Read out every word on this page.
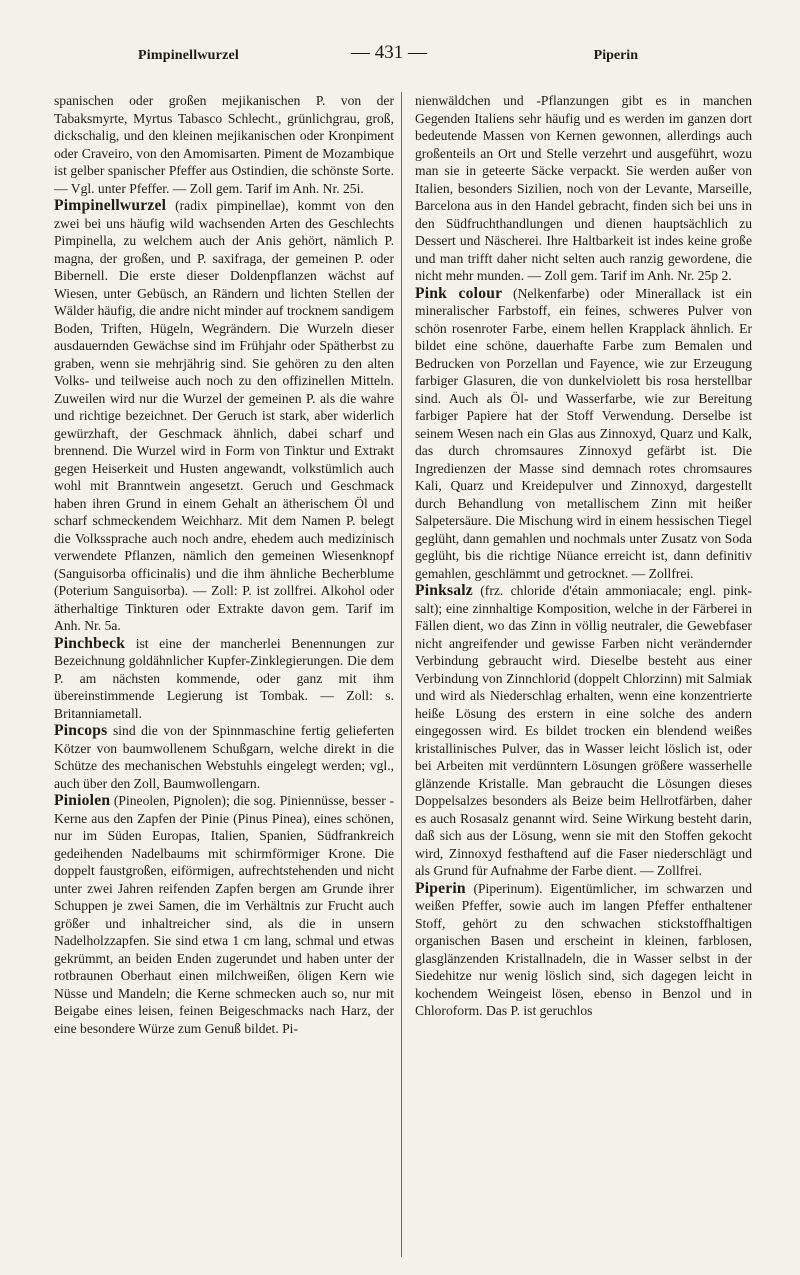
Pimpinellwurzel	— 431 —	Piperin

spanischen oder großen mejikanischen P. von der Tabaksmyrte, Myrtus Tabasco Schlecht., grünlichgrau, groß, dickschalig, und den kleinen mejikanischen oder Kronpiment oder Craveiro, von den Amomisarten. Piment de Mozambique ist gelber spanischer Pfeffer aus Ostindien, die schönste Sorte. — Vgl. unter Pfeffer. — Zoll gem. Tarif im Anh. Nr. 25i.

Pimpinellwurzel (radix pimpinellae), kommt von den zwei bei uns häufig wild wachsenden Arten des Geschlechts Pimpinella, zu welchem auch der Anis gehört, nämlich P. magna, der großen, und P. saxifraga, der gemeinen P. oder Bibernell. Die erste dieser Doldenpflanzen wächst auf Wiesen, unter Gebüsch, an Rändern und lichten Stellen der Wälder häufig, die andre nicht minder auf trocknem sandigem Boden, Triften, Hügeln, Wegrändern. Die Wurzeln dieser ausdauernden Gewächse sind im Frühjahr oder Spätherbst zu graben, wenn sie mehrjährig sind. Sie gehören zu den alten Volks- und teilweise auch noch zu den offizinellen Mitteln. Zuweilen wird nur die Wurzel der gemeinen P. als die wahre und richtige bezeichnet. Der Geruch ist stark, aber widerlich gewürzhaft, der Geschmack ähnlich, dabei scharf und brennend. Die Wurzel wird in Form von Tinktur und Extrakt gegen Heiserkeit und Husten angewandt, volkstümlich auch wohl mit Branntwein angesetzt. Geruch und Geschmack haben ihren Grund in einem Gehalt an ätherischem Öl und scharf schmeckendem Weichharz. Mit dem Namen P. belegt die Volkssprache auch noch andre, ehedem auch medizinisch verwendete Pflanzen, nämlich den gemeinen Wiesenknopf (Sanguisorba officinalis) und die ihm ähnliche Becherblume (Poterium Sanguisorba). — Zoll: P. ist zollfrei. Alkohol oder ätherhaltige Tinkturen oder Extrakte davon gem. Tarif im Anh. Nr. 5a.

Pinchbeck ist eine der mancherlei Benennungen zur Bezeichnung goldähnlicher Kupfer-Zinklegierungen. Die dem P. am nächsten kommende, oder ganz mit ihm übereinstimmende Legierung ist Tombak. — Zoll: s. Britanniametall.

Pincops sind die von der Spinnmaschine fertig gelieferten Kötzer von baumwollenem Schußgarn, welche direkt in die Schütze des mechanischen Webstuhls eingelegt werden; vgl., auch über den Zoll, Baumwollengarn.

Piniolen (Pineolen, Pignolen); die sog. Piniennüsse, besser -Kerne aus den Zapfen der Pinie (Pinus Pinea), eines schönen, nur im Süden Europas, Italien, Spanien, Südfrankreich gedeihenden Nadelbaums mit schirmförmiger Krone. Die doppelt faustgroßen, eiförmigen, aufrechtstehenden und nicht unter zwei Jahren reifenden Zapfen bergen am Grunde ihrer Schuppen je zwei Samen, die im Verhältnis zur Frucht auch größer und inhaltreicher sind, als die in unsern Nadelholzzapfen. Sie sind etwa 1 cm lang, schmal und etwas gekrümmt, an beiden Enden zugerundet und haben unter der rotbraunen Oberhaut einen milchweißen, öligen Kern wie Nüsse und Mandeln; die Kerne schmecken auch so, nur mit Beigabe eines leisen, feinen Beigeschmacks nach Harz, der eine besondere Würze zum Genuß bildet. Pi-

nienwäldchen und -Pflanzungen gibt es in manchen Gegenden Italiens sehr häufig und es werden im ganzen dort bedeutende Massen von Kernen gewonnen, allerdings auch großenteils an Ort und Stelle verzehrt und ausgeführt, wozu man sie in geteerte Säcke verpackt. Sie werden außer von Italien, besonders Sizilien, noch von der Levante, Marseille, Barcelona aus in den Handel gebracht, finden sich bei uns in den Südfruchthandlungen und dienen hauptsächlich zu Dessert und Näscherei. Ihre Haltbarkeit ist indes keine große und man trifft daher nicht selten auch ranzig gewordene, die nicht mehr munden. — Zoll gem. Tarif im Anh. Nr. 25p 2.

Pink colour (Nelkenfarbe) oder Minerallack ist ein mineralischer Farbstoff, ein feines, schweres Pulver von schön rosenroter Farbe, einem hellen Krapplack ähnlich. Er bildet eine schöne, dauerhafte Farbe zum Bemalen und Bedrucken von Porzellan und Fayence, wie zur Erzeugung farbiger Glasuren, die von dunkelviolett bis rosa herstellbar sind. Auch als Öl- und Wasserfarbe, wie zur Bereitung farbiger Papiere hat der Stoff Verwendung. Derselbe ist seinem Wesen nach ein Glas aus Zinnoxyd, Quarz und Kalk, das durch chromsaures Zinnoxyd gefärbt ist. Die Ingredienzen der Masse sind demnach rotes chromsaures Kali, Quarz und Kreidepulver und Zinnoxyd, dargestellt durch Behandlung von metallischem Zinn mit heißer Salpetersäure. Die Mischung wird in einem hessischen Tiegel geglüht, dann gemahlen und nochmals unter Zusatz von Soda geglüht, bis die richtige Nüance erreicht ist, dann definitiv gemahlen, geschlämmt und getrocknet. — Zollfrei.

Pinksalz (frz. chloride d'étain ammoniacale; engl. pink-salt); eine zinnhaltige Komposition, welche in der Färberei in Fällen dient, wo das Zinn in völlig neutraler, die Gewebfaser nicht angreifender und gewisse Farben nicht verändernder Verbindung gebraucht wird. Dieselbe besteht aus einer Verbindung von Zinnchlorid (doppelt Chlorzinn) mit Salmiak und wird als Niederschlag erhalten, wenn eine konzentrierte heiße Lösung des erstern in eine solche des andern eingegossen wird. Es bildet trocken ein blendend weißes kristallinisches Pulver, das in Wasser leicht löslich ist, oder bei Arbeiten mit verdünntern Lösungen größere wasserhelle glänzende Kristalle. Man gebraucht die Lösungen dieses Doppelsalzes besonders als Beize beim Hellrotfärben, daher es auch Rosasalz genannt wird. Seine Wirkung besteht darin, daß sich aus der Lösung, wenn sie mit den Stoffen gekocht wird, Zinnoxyd festhaftend auf die Faser niederschlägt und als Grund für Aufnahme der Farbe dient. — Zollfrei.

Piperin (Piperinum). Eigentümlicher, im schwarzen und weißen Pfeffer, sowie auch im langen Pfeffer enthaltener Stoff, gehört zu den schwachen stickstoffhaltigen organischen Basen und erscheint in kleinen, farblosen, glasglänzenden Kristallnadeln, die in Wasser selbst in der Siedehitze nur wenig löslich sind, sich dagegen leicht in kochendem Weingeist lösen, ebenso in Benzol und in Chloroform. Das P. ist geruchlos
